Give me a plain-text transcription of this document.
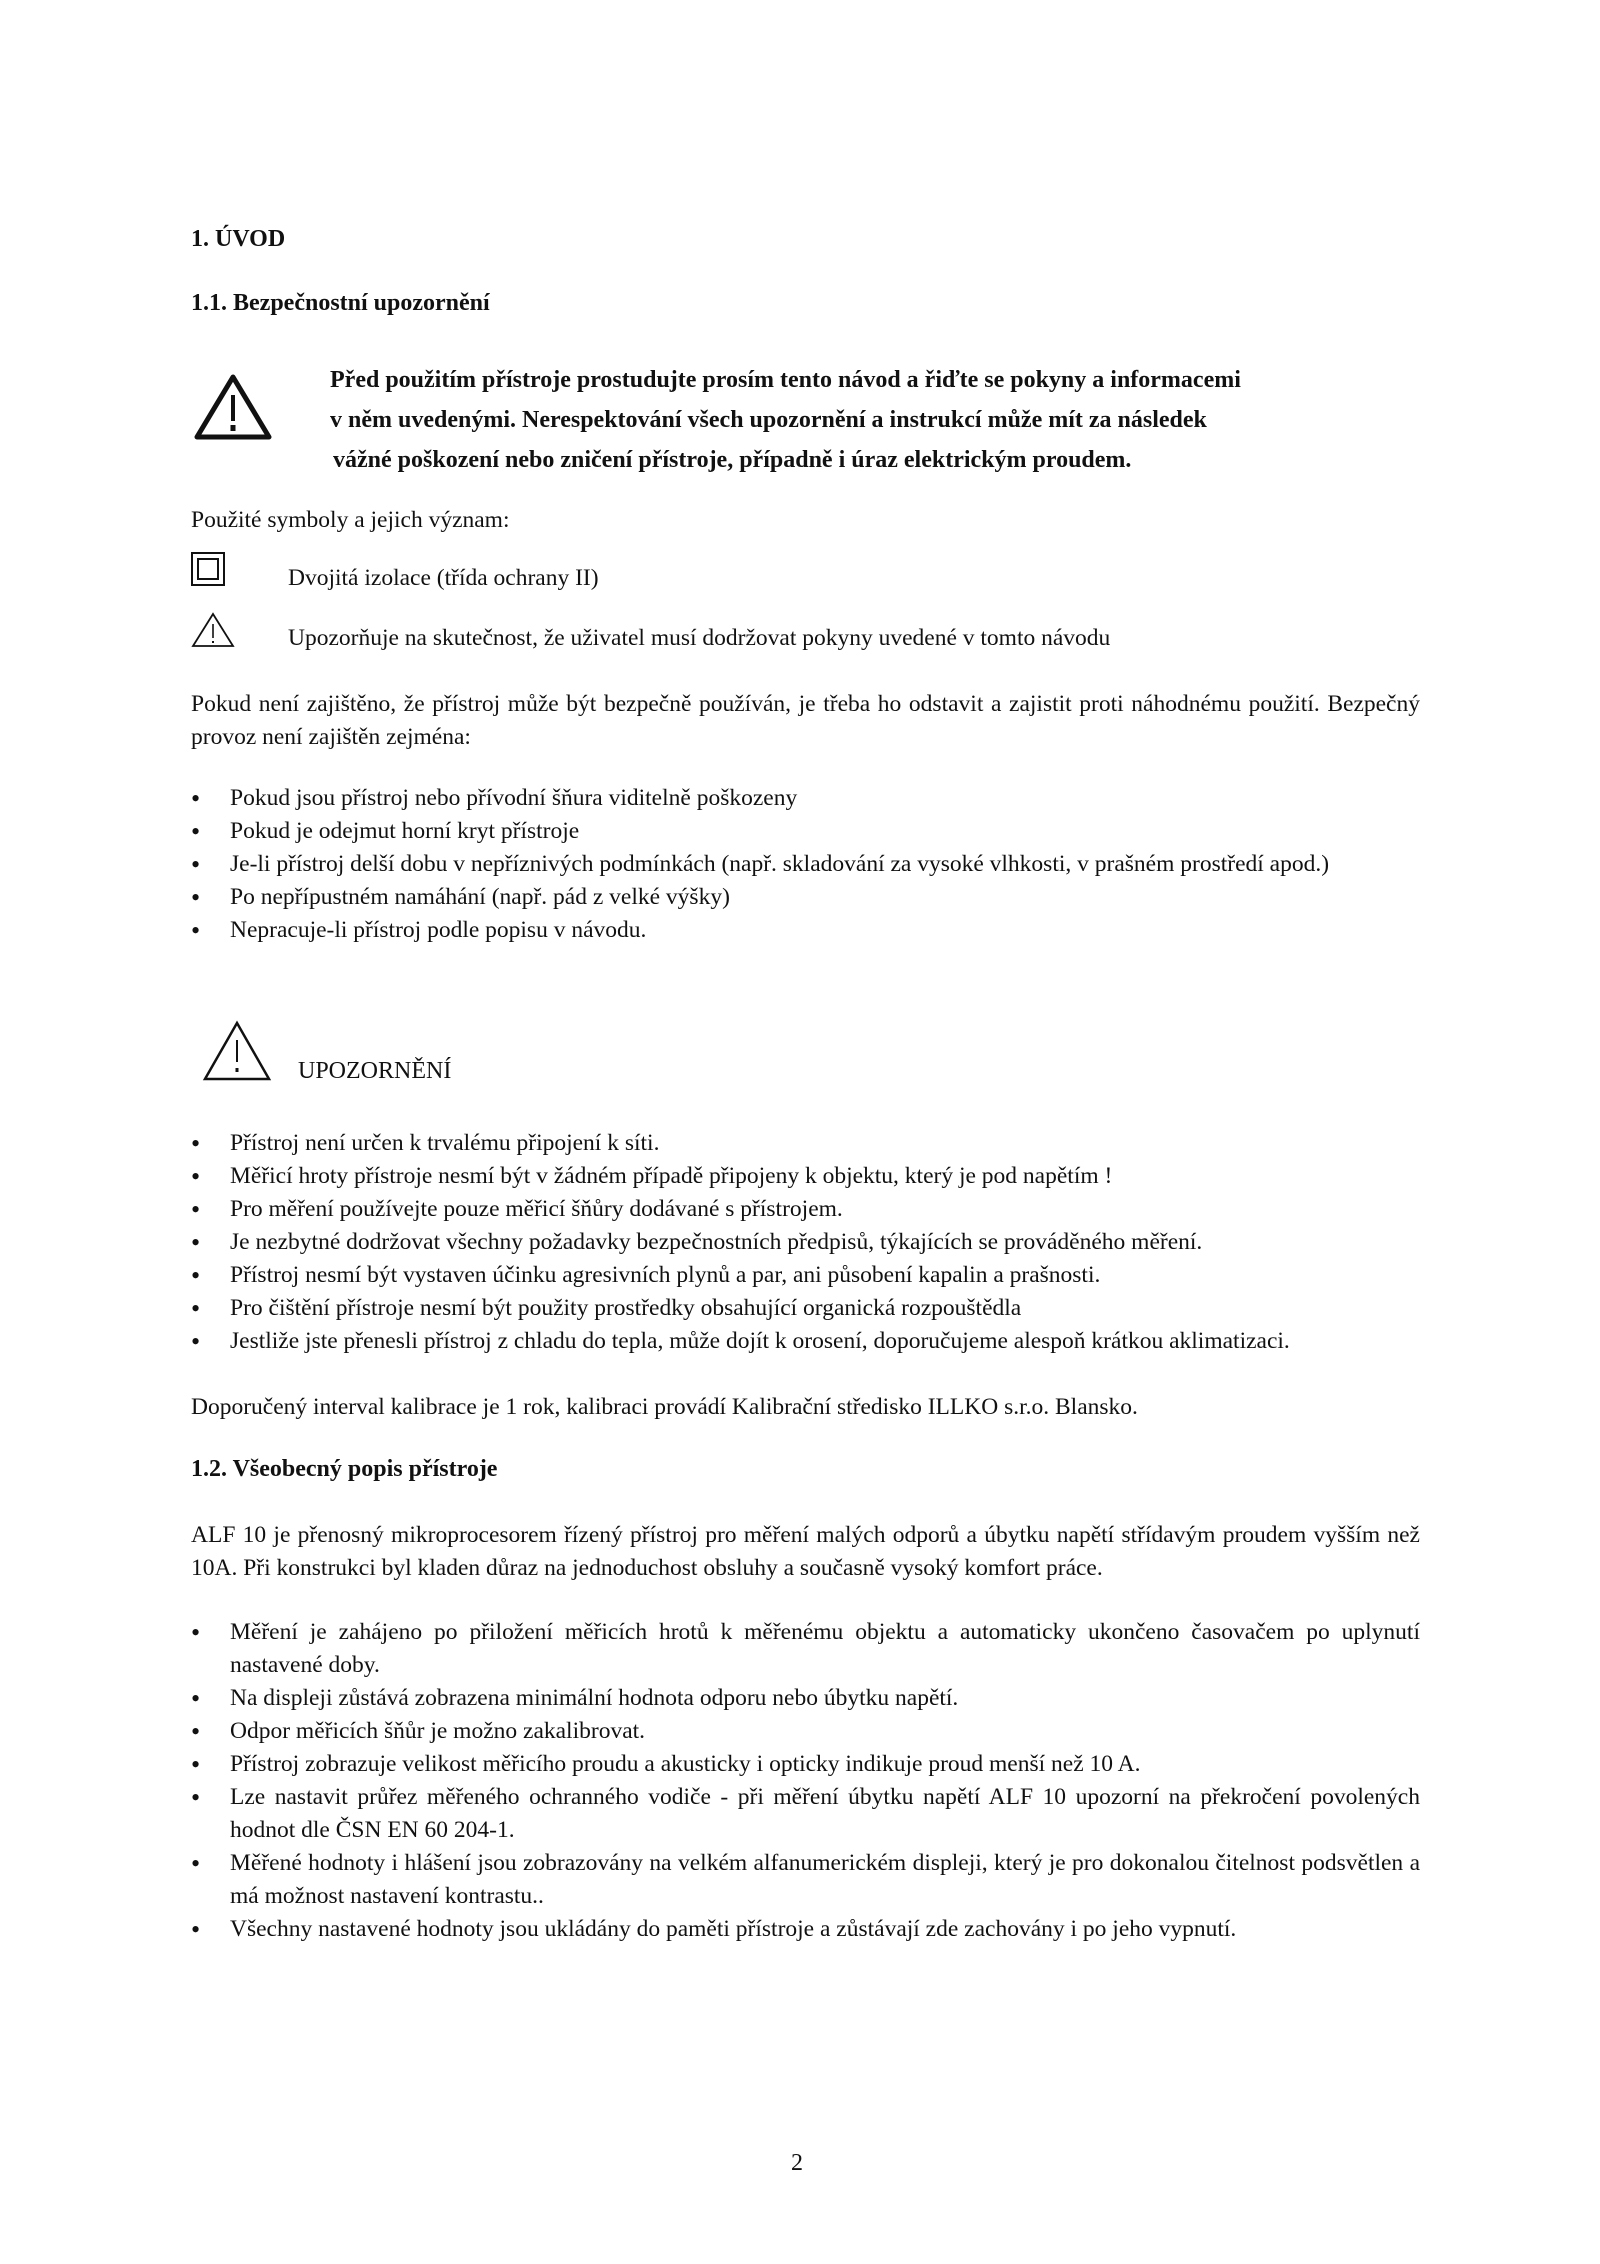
1. ÚVOD
1.1. Bezpečnostní upozornění
Před použitím přístroje prostudujte prosím tento návod a řiďte se pokyny a informacemi
v něm uvedenými. Nerespektování všech upozornění a instrukcí může mít za následek
vážné poškození nebo zničení přístroje, případně i úraz elektrickým proudem.
Použité symboly a jejich význam:
Dvojitá izolace (třída ochrany II)
Upozorňuje na skutečnost, že uživatel musí dodržovat pokyny uvedené v tomto návodu
Pokud není zajištěno, že přístroj může být bezpečně používán, je třeba ho odstavit a zajistit proti náhodnému použití. Bezpečný provoz není zajištěn zejména:
• Pokud jsou přístroj nebo přívodní šňura viditelně poškozeny
• Pokud je odejmut horní kryt přístroje
• Je-li přístroj delší dobu v nepříznivých podmínkách (např. skladování za vysoké vlhkosti, v prašném prostředí apod.)
• Po nepřípustném namáhání (např. pád z velké výšky)
• Nepracuje-li přístroj podle popisu v návodu.
UPOZORNĚNÍ
• Přístroj není určen k trvalému připojení k síti.
• Měřicí hroty přístroje nesmí být v žádném případě připojeny k objektu, který je pod napětím !
• Pro měření používejte pouze měřicí šňůry dodávané s přístrojem.
• Je nezbytné dodržovat všechny požadavky bezpečnostních předpisů, týkajících se prováděného měření.
• Přístroj nesmí být vystaven účinku agresivních plynů a par, ani působení kapalin a prašnosti.
• Pro čištění přístroje nesmí být použity prostředky obsahující organická rozpouštědla
• Jestliže jste přenesli přístroj z chladu do tepla, může dojít k orosení, doporučujeme alespoň krátkou aklimatizaci.
Doporučený interval kalibrace je 1 rok, kalibraci provádí Kalibrační středisko ILLKO s.r.o. Blansko.
1.2. Všeobecný popis přístroje
ALF 10 je přenosný mikroprocesorem řízený přístroj pro měření malých odporů a úbytku napětí střídavým proudem vyšším než 10A. Při konstrukci byl kladen důraz na jednoduchost obsluhy a současně vysoký komfort práce.
• Měření je zahájeno po přiložení měřicích hrotů k měřenému objektu a automaticky ukončeno časovačem po uplynutí nastavené doby.
• Na displeji zůstává zobrazena minimální hodnota odporu nebo úbytku napětí.
• Odpor měřicích šňůr je možno zakalibrovat.
• Přístroj zobrazuje velikost měřicího proudu a akusticky i opticky indikuje proud menší než 10 A.
• Lze nastavit průřez měřeného ochranného vodiče - při měření úbytku napětí ALF 10 upozorní na překročení povolených hodnot dle ČSN EN 60 204-1.
• Měřené hodnoty i hlášení jsou zobrazovány na velkém alfanumerickém displeji, který je pro dokonalou čitelnost podsvětlen a má možnost nastavení kontrastu..
• Všechny nastavené hodnoty jsou ukládány do paměti přístroje a zůstávají zde zachovány i po jeho vypnutí.
2
